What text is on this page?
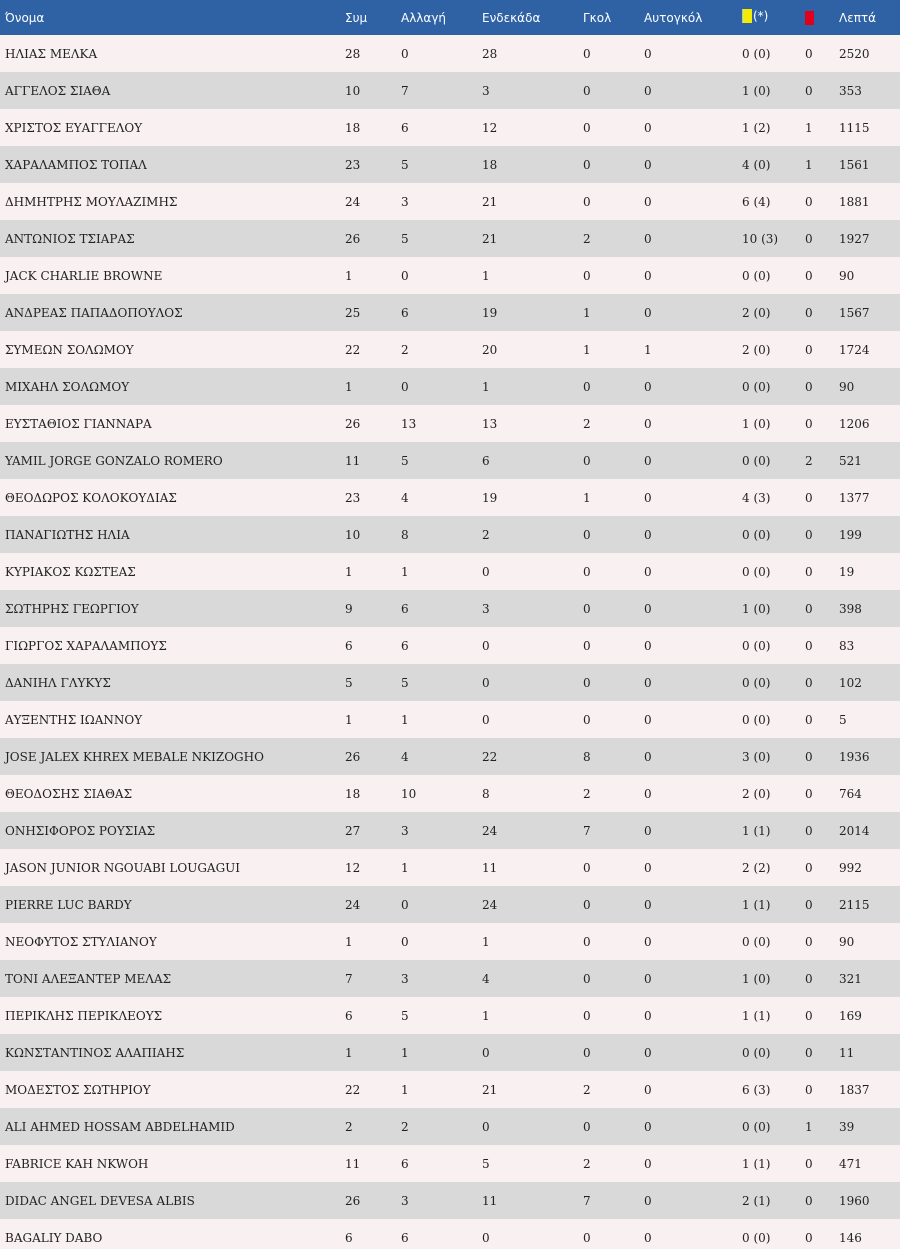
Όνομα	Συμ	Αλλαγή	Ενδεκάδα	Γκολ	Αυτογκόλ	(*)		Λεπτά
ΗΛΙΑΣ ΜΕΛΚΑ	28	0	28	0	0	0 (0)	0	2520
ΑΓΓΕΛΟΣ ΣΙΑΘΑ	10	7	3	0	0	1 (0)	0	353
ΧΡΙΣΤΟΣ ΕΥΑΓΓΕΛΟΥ	18	6	12	0	0	1 (2)	1	1115
ΧΑΡΑΛΑΜΠΟΣ ΤΟΠΑΛ	23	5	18	0	0	4 (0)	1	1561
ΔΗΜΗΤΡΗΣ ΜΟΥΛΑΖΙΜΗΣ	24	3	21	0	0	6 (4)	0	1881
ΑΝΤΩΝΙΟΣ ΤΣΙΑΡΑΣ	26	5	21	2	0	10 (3)	0	1927
JACK CHARLIE BROWNE	1	0	1	0	0	0 (0)	0	90
ΑΝΔΡΕΑΣ ΠΑΠΑΔΟΠΟΥΛΟΣ	25	6	19	1	0	2 (0)	0	1567
ΣΥΜΕΩΝ ΣΟΛΩΜΟΥ	22	2	20	1	1	2 (0)	0	1724
ΜΙΧΑΗΛ ΣΟΛΩΜΟΥ	1	0	1	0	0	0 (0)	0	90
ΕΥΣΤΑΘΙΟΣ ΓΙΑΝΝΑΡΑ	26	13	13	2	0	1 (0)	0	1206
YAMIL JORGE GONZALO ROMERO	11	5	6	0	0	0 (0)	2	521
ΘΕΟΔΩΡΟΣ ΚΟΛΟΚΟΥΔΙΑΣ	23	4	19	1	0	4 (3)	0	1377
ΠΑΝΑΓΙΩΤΗΣ ΗΛΙΑ	10	8	2	0	0	0 (0)	0	199
ΚΥΡΙΑΚΟΣ ΚΩΣΤΕΑΣ	1	1	0	0	0	0 (0)	0	19
ΣΩΤΗΡΗΣ ΓΕΩΡΓΙΟΥ	9	6	3	0	0	1 (0)	0	398
ΓΙΩΡΓΟΣ ΧΑΡΑΛΑΜΠΟΥΣ	6	6	0	0	0	0 (0)	0	83
ΔΑΝΙΗΛ ΓΛΥΚΥΣ	5	5	0	0	0	0 (0)	0	102
ΑΥΞΕΝΤΗΣ ΙΩΑΝΝΟΥ	1	1	0	0	0	0 (0)	0	5
JOSE JALEX KHREX MEBALE NKIZOGHO	26	4	22	8	0	3 (0)	0	1936
ΘΕΟΔΟΣΗΣ ΣΙΑΘΑΣ	18	10	8	2	0	2 (0)	0	764
ΟΝΗΣΙΦΟΡΟΣ ΡΟΥΣΙΑΣ	27	3	24	7	0	1 (1)	0	2014
JASON JUNIOR NGOUABI LOUGAGUI	12	1	11	0	0	2 (2)	0	992
PIERRE LUC BARDY	24	0	24	0	0	1 (1)	0	2115
ΝΕΟΦΥΤΟΣ ΣΤΥΛΙΑΝΟΥ	1	0	1	0	0	0 (0)	0	90
ΤΟΝΙ ΑΛΕΞΑΝΤΕΡ ΜΕΛΑΣ	7	3	4	0	0	1 (0)	0	321
ΠΕΡΙΚΛΗΣ ΠΕΡΙΚΛΕΟΥΣ	6	5	1	0	0	1 (1)	0	169
ΚΩΝΣΤΑΝΤΙΝΟΣ ΑΛΑΠΙΑΗΣ	1	1	0	0	0	0 (0)	0	11
ΜΟΔΕΣΤΟΣ ΣΩΤΗΡΙΟΥ	22	1	21	2	0	6 (3)	0	1837
ALI AHMED HOSSAM ABDELHAMID	2	2	0	0	0	0 (0)	1	39
FABRICE KAH NKWOH	11	6	5	2	0	1 (1)	0	471
DIDAC ANGEL DEVESA ALBIS	26	3	11	7	0	2 (1)	0	1960
BAGALIY DABO	6	6	0	0	0	0 (0)	0	146
